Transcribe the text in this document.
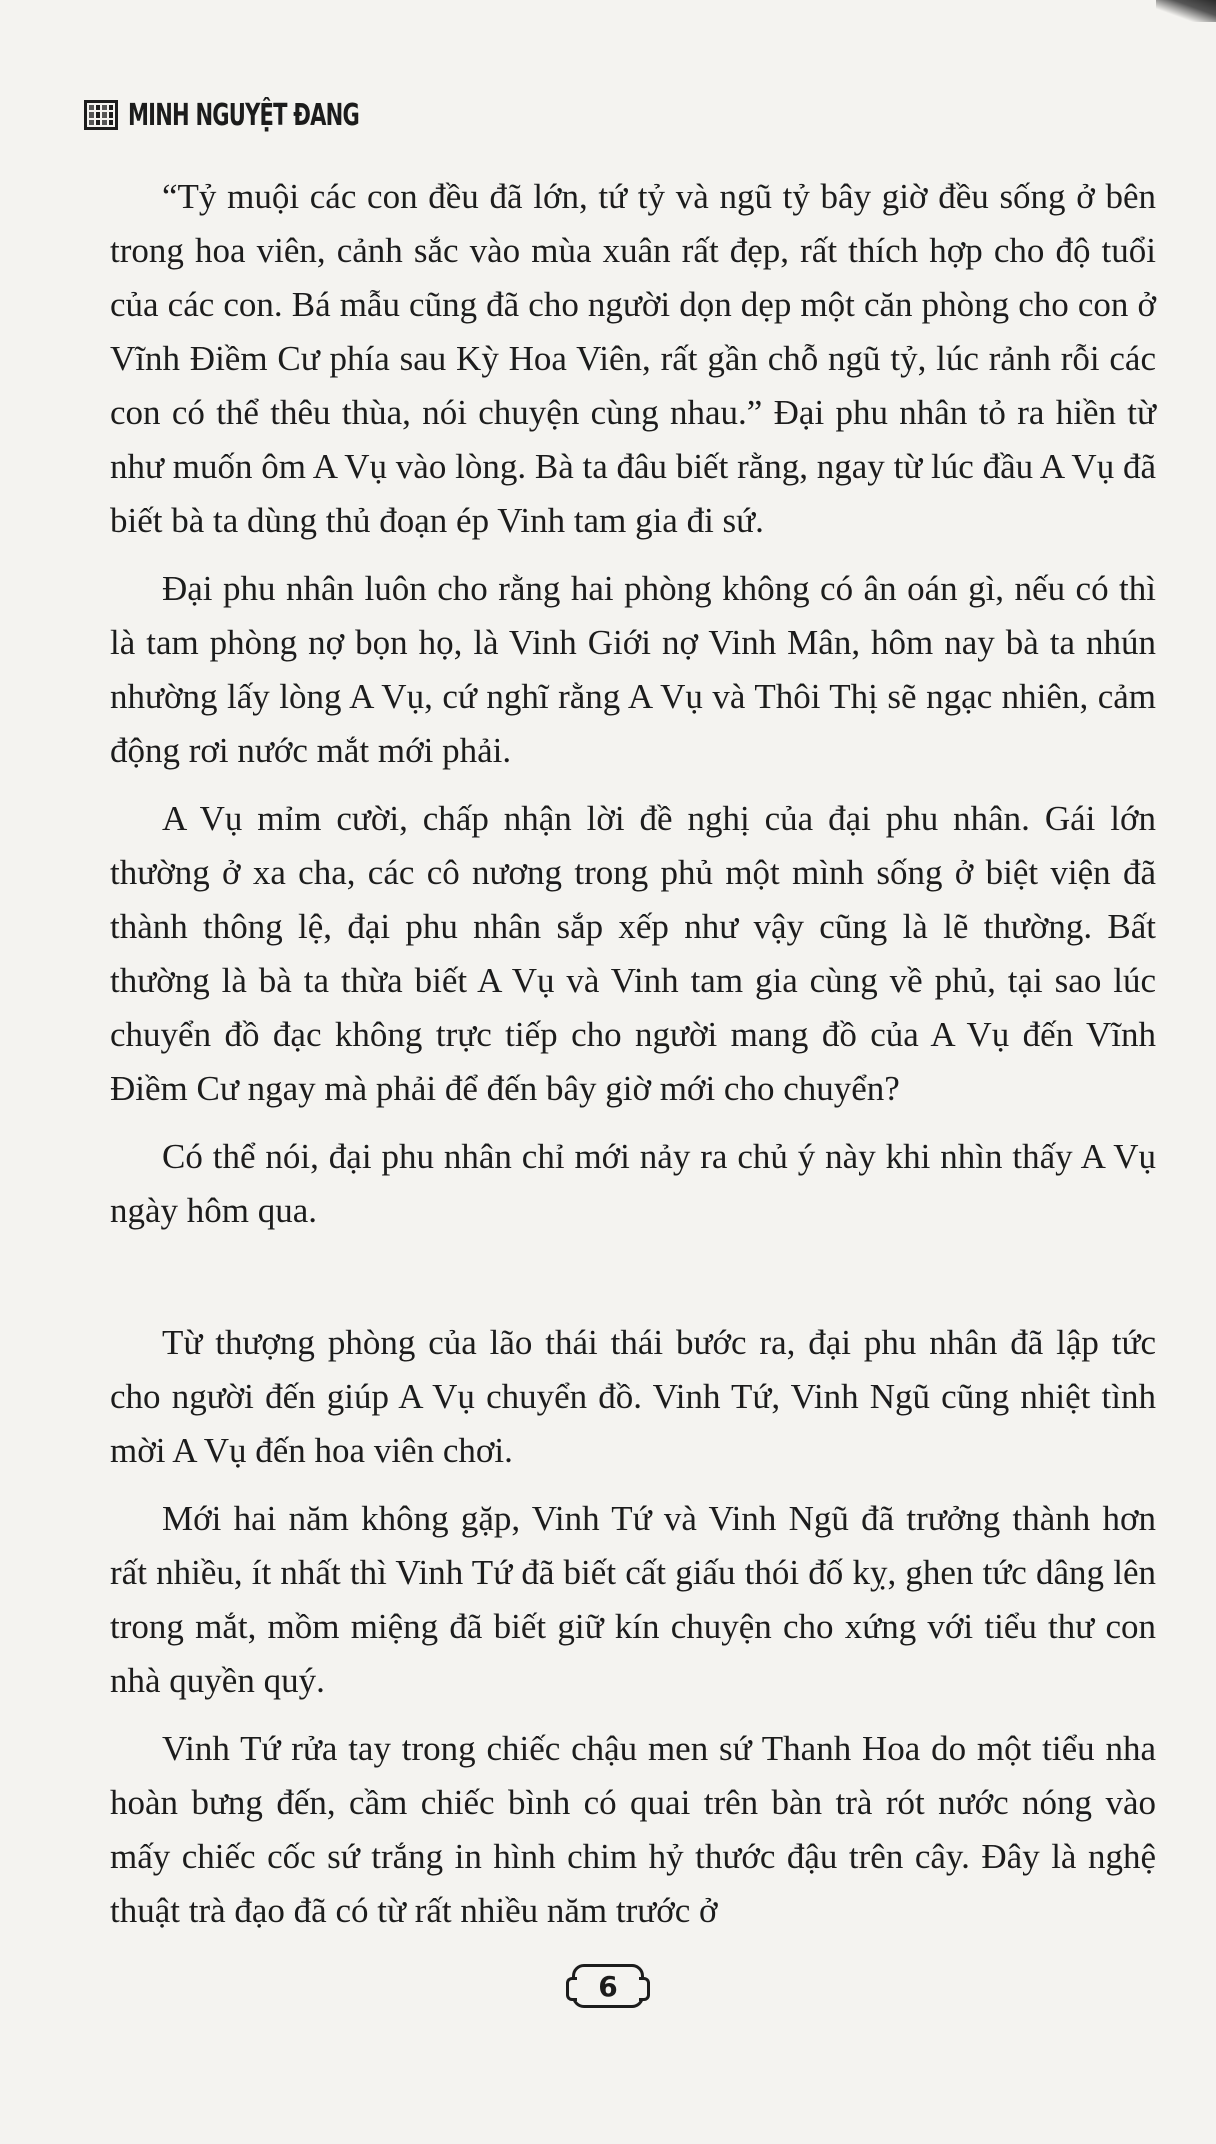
MINH NGUYỆT ĐANG

“Tỷ muội các con đều đã lớn, tứ tỷ và ngũ tỷ bây giờ đều sống ở bên trong hoa viên, cảnh sắc vào mùa xuân rất đẹp, rất thích hợp cho độ tuổi của các con. Bá mẫu cũng đã cho người dọn dẹp một căn phòng cho con ở Vĩnh Điềm Cư phía sau Kỳ Hoa Viên, rất gần chỗ ngũ tỷ, lúc rảnh rỗi các con có thể thêu thùa, nói chuyện cùng nhau.” Đại phu nhân tỏ ra hiền từ như muốn ôm A Vụ vào lòng. Bà ta đâu biết rằng, ngay từ lúc đầu A Vụ đã biết bà ta dùng thủ đoạn ép Vinh tam gia đi sứ.

Đại phu nhân luôn cho rằng hai phòng không có ân oán gì, nếu có thì là tam phòng nợ bọn họ, là Vinh Giới nợ Vinh Mân, hôm nay bà ta nhún nhường lấy lòng A Vụ, cứ nghĩ rằng A Vụ và Thôi Thị sẽ ngạc nhiên, cảm động rơi nước mắt mới phải.

A Vụ mỉm cười, chấp nhận lời đề nghị của đại phu nhân. Gái lớn thường ở xa cha, các cô nương trong phủ một mình sống ở biệt viện đã thành thông lệ, đại phu nhân sắp xếp như vậy cũng là lẽ thường. Bất thường là bà ta thừa biết A Vụ và Vinh tam gia cùng về phủ, tại sao lúc chuyển đồ đạc không trực tiếp cho người mang đồ của A Vụ đến Vĩnh Điềm Cư ngay mà phải để đến bây giờ mới cho chuyển?

Có thể nói, đại phu nhân chỉ mới nảy ra chủ ý này khi nhìn thấy A Vụ ngày hôm qua.

Từ thượng phòng của lão thái thái bước ra, đại phu nhân đã lập tức cho người đến giúp A Vụ chuyển đồ. Vinh Tứ, Vinh Ngũ cũng nhiệt tình mời A Vụ đến hoa viên chơi.

Mới hai năm không gặp, Vinh Tứ và Vinh Ngũ đã trưởng thành hơn rất nhiều, ít nhất thì Vinh Tứ đã biết cất giấu thói đố kỵ, ghen tức dâng lên trong mắt, mồm miệng đã biết giữ kín chuyện cho xứng với tiểu thư con nhà quyền quý.

Vinh Tứ rửa tay trong chiếc chậu men sứ Thanh Hoa do một tiểu nha hoàn bưng đến, cầm chiếc bình có quai trên bàn trà rót nước nóng vào mấy chiếc cốc sứ trắng in hình chim hỷ thước đậu trên cây. Đây là nghệ thuật trà đạo đã có từ rất nhiều năm trước ở

6
